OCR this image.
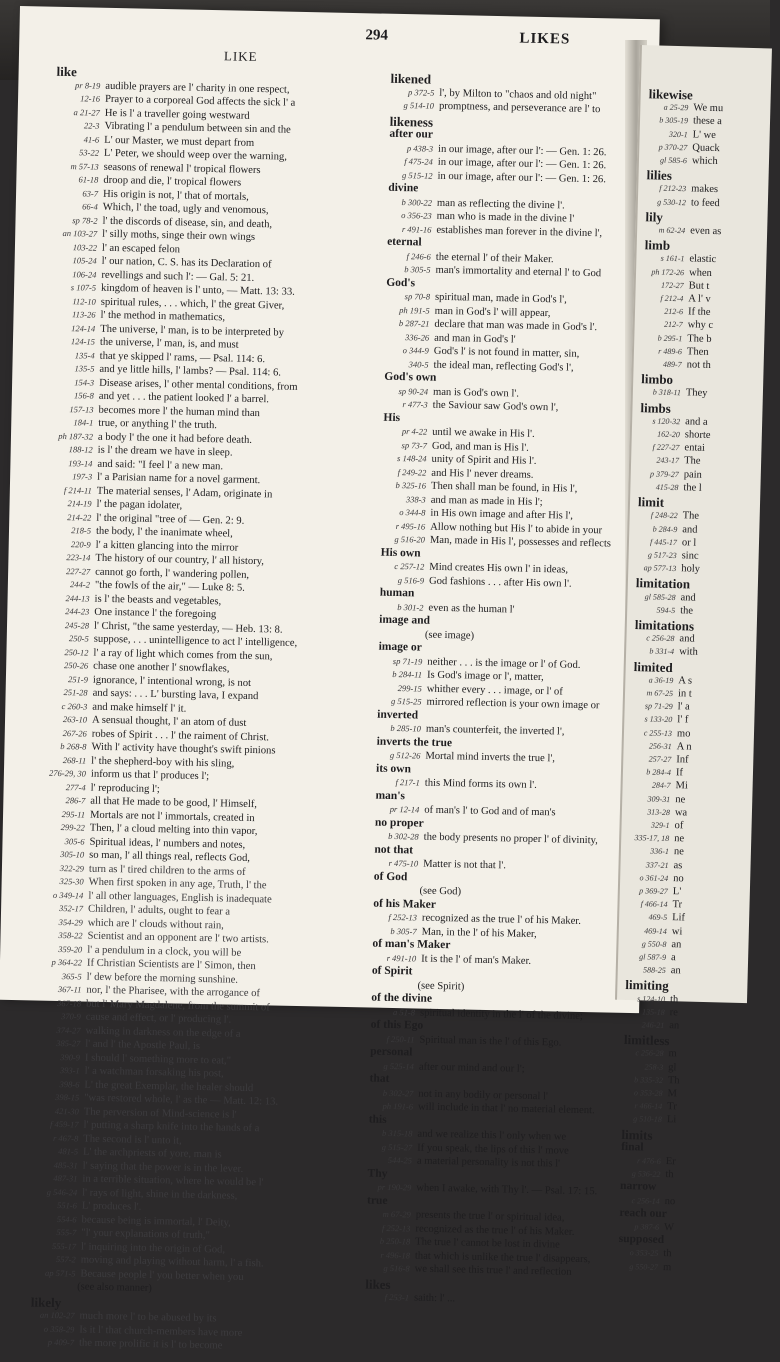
LIKE
294	LIKES
like
pr 8-19 audible prayers are l' charity in one respect,
12-16 Prayer to a corporeal God affects the sick l' a
a 21-27 He is l' a traveller going westward
22-3 Vibrating l' a pendulum between sin and the
41-6 L' our Master, we must depart from
53-22 L' Peter, we should weep over the warning,
m 57-13 seasons of renewal l' tropical flowers
61-18 droop and die, l' tropical flowers
63-7 His origin is not, l' that of mortals,
66-4 Which, l' the toad, ugly and venomous,
sp 78-2 l' the discords of disease, sin, and death,
an 103-27 l' silly moths, singe their own wings
103-22 l' an escaped felon
105-24 l' our nation, C. S. has its Declaration of
106-24 revellings and such l': — Gal. 5: 21.
s 107-5 kingdom of heaven is l' unto, — Matt. 13: 33.
112-10 spiritual rules, . . . which, l' the great Giver,
113-26 l' the method in mathematics,
124-14 The universe, l' man, is to be interpreted by
124-15 the universe, l' man, is, and must
135-4 that ye skipped l' rams, — Psal. 114: 6.
135-5 and ye little hills, l' lambs? — Psal. 114: 6.
154-3 Disease arises, l' other mental conditions, from
156-8 and yet . . . the patient looked l' a barrel.
157-13 becomes more l' the human mind than
184-1 true, or anything l' the truth.
ph 187-32 a body l' the one it had before death.
188-12 is l' the dream we have in sleep.
193-14 and said: "I feel l' a new man.
197-3 l' a Parisian name for a novel garment.
f 214-11 The material senses, l' Adam, originate in
214-19 l' the pagan idolater,
214-22 l' the original "tree of — Gen. 2: 9.
218-5 the body, l' the inanimate wheel,
220-9 l' a kitten glancing into the mirror
223-14 The history of our country, l' all history,
227-27 cannot go forth, l' wandering pollen,
244-2 "the fowls of the air," — Luke 8: 5.
244-13 is l' the beasts and vegetables,
244-23 One instance l' the foregoing
245-28 l' Christ, "the same yesterday, — Heb. 13: 8.
250-5 suppose, . . . unintelligence to act l' intelligence,
250-12 l' a ray of light which comes from the sun,
250-26 chase one another l' snowflakes,
251-9 ignorance, l' intentional wrong, is not
251-28 and says: . . . L' bursting lava, I expand
c 260-3 and make himself l' it.
263-10 A sensual thought, l' an atom of dust
267-26 robes of Spirit . . . l' the raiment of Christ.
b 268-8 With l' activity have thought's swift pinions
268-11 l' the shepherd-boy with his sling,
276-29, 30 inform us that l' produces l';
277-4 l' reproducing l';
286-7 all that He made to be good, l' Himself,
295-11 Mortals are not l' immortals, created in
299-22 Then, l' a cloud melting into thin vapor,
305-6 Spiritual ideas, l' numbers and notes,
305-10 so man, l' all things real, reflects God,
322-29 turn as l' tired children to the arms of
325-30 When first spoken in any age, Truth, l' the
o 349-14 l' all other languages, English is inadequate
352-17 Children, l' adults, ought to fear a
354-29 which are l' clouds without rain,
358-22 Scientist and an opponent are l' two artists.
359-20 l' a pendulum in a clock, you will be
p 364-22 If Christian Scientists are l' Simon, then
365-5 l' dew before the morning sunshine.
367-11 nor, l' the Pharisee, with the arrogance of
367-18 but l' Mary Magdalene, from the summit of
370-9 cause and effect, or l' producing l'.
374-27 walking in darkness on the edge of a
385-27 l' and l' the Apostle Paul, is
390-9 I should l' something more to eat,"
393-1 l' a watchman forsaking his post,
398-6 L' the great Exemplar, the healer should
398-15 "was restored whole, l' as the — Matt. 12: 13.
421-30 The perversion of Mind-science is l'
f 459-17 l' putting a sharp knife into the hands of a
r 467-8 The second is l' unto it,
481-5 L' the archpriests of yore, man is
485-31 l' saying that the power is in the lever.
487-31 in a terrible situation, where he would be l'
g 546-24 l' rays of light, shine in the darkness,
551-6 L' produces l'.
554-6 because being is immortal, l' Deity,
555-7 "l' your explanations of truth,"
555-17 l' inquiring into the origin of God,
557-2 moving and playing without harm, l' a fish.
ap 571-5 Because people l' you better when you
(see also manner)
likely
an 102-27 much more l' to be abused by its
o 358-29 Is it l' that church-members have more
p 409-7 the more prolific it is l' to become
likened
p 372-5 l', by Milton to "chaos and old night"
g 514-10 promptness, and perseverance are l' to
likeness
after our
p 438-3 in our image, after our l': — Gen. 1: 26.
f 475-24 in our image, after our l': — Gen. 1: 26.
g 515-12 in our image, after our l': — Gen. 1: 26.
divine
b 300-22 man as reflecting the divine l'.
o 356-23 man who is made in the divine l'
r 491-16 establishes man forever in the divine l',
eternal
f 246-6 the eternal l' of their Maker.
b 305-5 man's immortality and eternal l' to God
God's
sp 70-8 spiritual man, made in God's l',
ph 191-5 man in God's l' will appear,
b 287-21 declare that man was made in God's l'.
336-26 and man in God's l'
o 344-9 God's l' is not found in matter, sin,
340-5 the ideal man, reflecting God's l',
God's own
sp 90-24 man is God's own l'.
r 477-3 the Saviour saw God's own l',
His
pr 4-22 until we awake in His l'.
sp 73-7 God, and man is His l'.
s 148-24 unity of Spirit and His l'.
f 249-22 and His l' never dreams.
b 325-16 Then shall man be found, in His l',
338-3 and man as made in His l';
o 344-8 in His own image and after His l',
r 495-16 Allow nothing but His l' to abide in your
g 516-20 Man, made in His l', possesses and reflects
His own
c 257-12 Mind creates His own l' in ideas,
g 516-9 God fashions . . . after His own l'.
human
b 301-2 even as the human l'
image and
(see image)
image or
sp 71-19 neither . . . is the image or l' of God.
b 284-11 Is God's image or l', matter,
299-15 whither every . . . image, or l' of
g 515-25 mirrored reflection is your own image or
inverted
b 285-10 man's counterfeit, the inverted l',
inverts the true
g 512-26 Mortal mind inverts the true l',
its own
f 217-1 this Mind forms its own l'.
man's
pr 12-14 of man's l' to God and of man's
no proper
b 302-28 the body presents no proper l' of divinity,
not that
r 475-10 Matter is not that l'.
of God
(see God)
of his Maker
f 252-13 recognized as the true l' of his Maker.
b 305-7 Man, in the l' of his Maker,
of man's Maker
r 491-10 It is the l' of man's Maker.
of Spirit
(see Spirit)
of the divine
a 51-8 spiritual identity in the l' of the divine;
of this Ego
f 250-11 Spiritual man is the l' of this Ego.
personal
g 525-14 after our mind and our l';
that
b 302-27 not in any bodily or personal l'
ph 191-6 will include in that l' no material element.
this
b 315-18 and we realize this l' only when we
g 515-27 If you speak, the lips of this l' move
544-25 a material personality is not this l'
Thy
pr 190-29 when I awake, with Thy l'. — Psal. 17: 15.
true
m 67-29 presents the true l' or spiritual idea,
f 252-13 recognized as the true l' of his Maker.
b 250-18 The true l' cannot be lost in divine
r 496-18 that which is unlike the true l' disappears,
g 516-8 we shall see this true l' and reflection
likes
f 253-1 saith: l' ...
likewise
a 25-29 We mu
b 305-19 these a
320-1 L' we
p 370-27 Quack
gl 585-6 which
lilies
f 212-23 makes
g 530-12 to feed
lily
m 62-24 even as
limb
s 161-1 elastic
ph 172-26 when
172-27 But t
f 212-4 A l' v
212-6 If the
212-7 why c
b 295-1 The b
r 489-6 Then
489-7 not th
limbo
b 318-11 They
limbs
s 120-32 and a
162-20 shorte
f 227-27 entai
243-17 The
p 379-27 pain
415-28 the l
limit
f 248-22 The
b 284-9 and
f 445-17 or l
g 517-23 sinc
ap 577-13 holy
limitation
gl 585-28 and
594-5 the
limitations
c 256-28 and
b 331-4 with
limited
a 36-19 A s
m 67-25 in t
sp 71-29 l' a
s 133-20 l' f
c 255-13 mo
256-31 A n
257-27 Inf
b 284-4 If
284-7 Mi
309-31 ne
313-28 wa
329-1 of
335-17, 18 ne
336-1 ne
337-21 as
o 361-24 no
p 369-27 L'
f 466-14 Tr
469-5 Lif
469-14 wi
g 550-8 an
gl 587-9 a
588-25 an
limiting
s 124-10 th
135-18 re
246-21 an
limitless
c 256-28 m
258-3 gl
b 335-32 Th
o 353-28 M
r 466-14 Tr
g 510-18 Li
limits
final
r 476-6 Er
g 536-22 th
narrow
c 256-14 no
reach our
p 387-6 W
supposed
o 353-25 th
g 550-27 m
